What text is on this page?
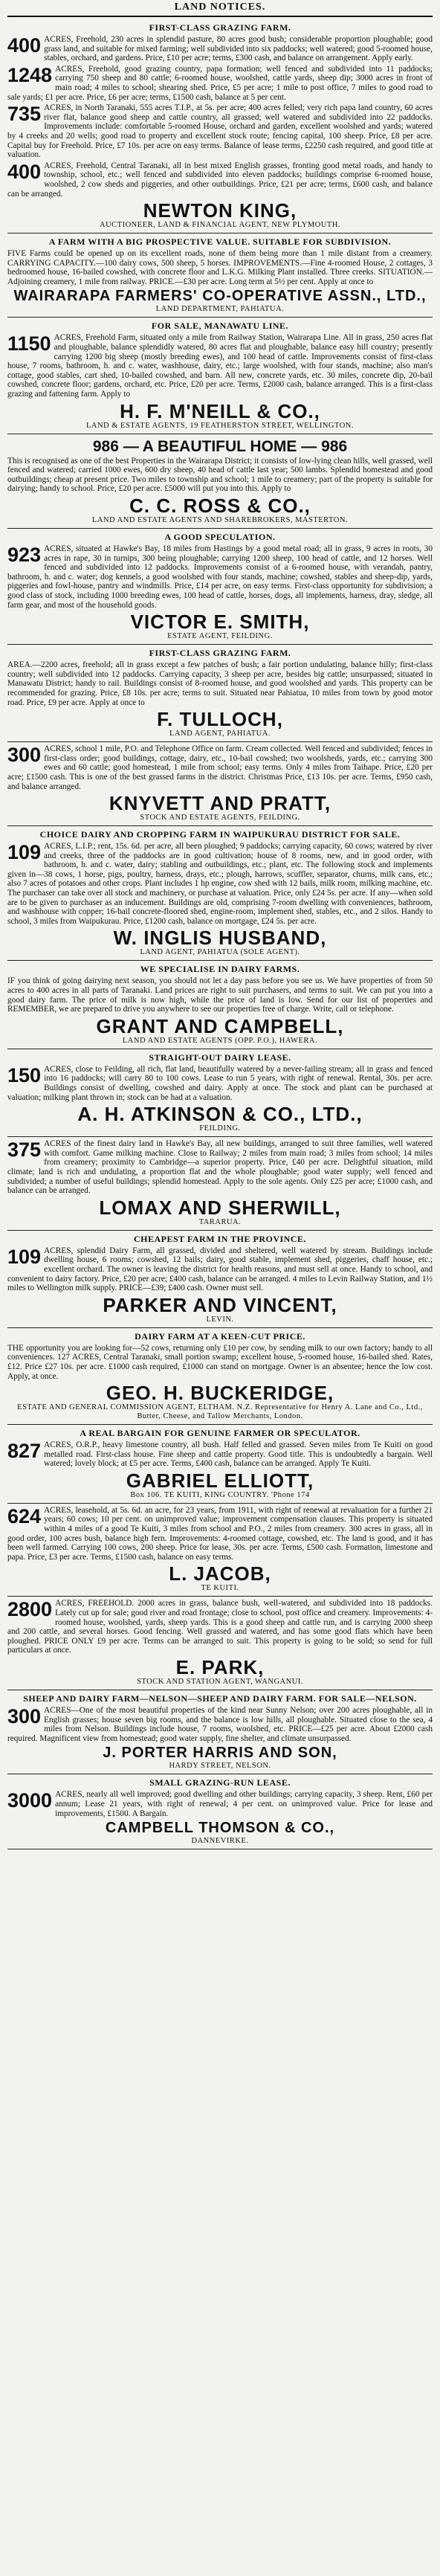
LAND NOTICES.
FIRST-CLASS GRAZING FARM.
400 ACRES, Freehold, 230 acres in splendid pasture, 80 acres good bush; considerable proportion ploughable; good grass land, and suitable for mixed farming; well subdivided into six paddocks; well watered; good 5-roomed house, stables, orchard, and gardens. Price, £10 per acre; terms, £300 cash, and balance on arrangement. Apply early.
1248 ACRES, Freehold, good grazing country, papa formation; well fenced and subdivided into 11 paddocks; carrying 750 sheep and 80 cattle; 6-roomed house, woolshed, cattle yards, sheep dip; 3000 acres in front of main road; 4 miles to school; shearing shed. Price, £5 per acre; 1 mile to post office, 7 miles to good road to sale yards; £1 per acre. Price, £6 per acre; terms, £1500 cash, balance at 5 per cent.
735 ACRES, in North Taranaki, 555 acres T.I.P., at 5s. per acre; 400 acres felled; very rich papa land country, 60 acres river flat, balance good sheep and cattle country, all grassed; well watered and subdivided into 22 paddocks. Improvements include: comfortable 5-roomed House, orchard and garden, excellent woolshed and yards; watered by 4 creeks and 20 wells; good road to property and excellent stock route; fencing capital, 100 sheep. Price, £8 per acre. Capital buy for Freehold. Price, £7 10s. per acre on easy terms. Balance of lease terms, £2250 cash required, and good title at valuation.
400 ACRES, Freehold, Central Taranaki, all in best mixed English grasses, fronting good metal roads, and handy to township, school, etc.; well fenced and subdivided into eleven paddocks; buildings comprise 6-roomed house, woolshed, 2 cow sheds and piggeries, and other outbuildings. Price, £21 per acre; terms, £600 cash, and balance can be arranged.
NEWTON KING,
AUCTIONEER, LAND & FINANCIAL AGENT, NEW PLYMOUTH.
A FARM WITH A BIG PROSPECTIVE VALUE. SUITABLE FOR SUBDIVISION.
FIVE Farms could be opened up on its excellent roads, none of them being more than 1 mile distant from a creamery. CARRYING CAPACITY.—100 dairy cows, 500 sheep, 5 horses. IMPROVEMENTS.—Fine 4-roomed House, 2 cottages, 3 bedroomed house, 16-bailed cowshed, with concrete floor and L.K.G. Milking Plant installed. Three creeks. SITUATION.—Adjoining creamery, 1 mile from railway. PRICE.—£30 per acre. Long term at 5½ per cent. Apply at once to
WAIRARAPA FARMERS' CO-OPERATIVE ASSN., LTD.,
LAND DEPARTMENT, PAHIATUA.
FOR SALE, MANAWATU LINE.
1150 ACRES, Freehold Farm, situated only a mile from Railway Station, Wairarapa Line. All in grass, 250 acres flat and ploughable, balance splendidly watered, 80 acres flat and ploughable, balance easy hill country; presently carrying 1200 big sheep (mostly breeding ewes), and 100 head of cattle. Improvements consist of first-class house, 7 rooms, bathroom, h. and c. water, washhouse, dairy, etc.; large woolshed, with four stands, machine; also man's cottage, good stables, cart shed, 10-bailed cowshed, and barn. All new, concrete yards, etc. 30 miles, concrete dip, 20-bail cowshed, concrete floor; gardens, orchard, etc. Price, £20 per acre. Terms, £2000 cash, balance arranged. This is a first-class grazing and fattening farm. Apply to
H. F. M'NEILL & CO.,
LAND & ESTATE AGENTS, 19 FEATHERSTON STREET, WELLINGTON.
986 — A BEAUTIFUL HOME — 986
This is recognised as one of the best Properties in the Wairarapa District; it consists of low-lying clean hills, well grassed, well fenced and watered; carried 1000 ewes, 600 dry sheep, 40 head of cattle last year; 500 lambs. Splendid homestead and good outbuildings; cheap at present price. Two miles to township and school; 1 mile to creamery; part of the property is suitable for dairying; handy to school. Price, £20 per acre. £5000 will put you into this. Apply to
C. C. ROSS & CO.,
LAND AND ESTATE AGENTS AND SHAREBROKERS, MASTERTON.
A GOOD SPECULATION.
923 ACRES, situated at Hawke's Bay, 18 miles from Hastings by a good metal road; all in grass, 9 acres in roots, 30 acres in rape, 30 in turnips, 300 being ploughable; carrying 1200 sheep, 100 head of cattle, and 12 horses. Well fenced and subdivided into 12 paddocks. Improvements consist of a 6-roomed house, with verandah, pantry, bathroom, h. and c. water; dog kennels, a good woolshed with four stands, machine; cowshed, stables and sheep-dip, yards, piggeries and fowl-house, pantry and windmills. Price, £14 per acre, on easy terms. First-class opportunity for subdivision; a good class of stock, including 1000 breeding ewes, 100 head of cattle, horses, dogs, all implements, harness, dray, sledge, all farm gear, and most of the household goods.
VICTOR E. SMITH,
ESTATE AGENT, FEILDING.
FIRST-CLASS GRAZING FARM.
AREA.—2200 acres, freehold; all in grass except a few patches of bush; a fair portion undulating, balance hilly; first-class country; well subdivided into 12 paddocks. Carrying capacity, 3 sheep per acre, besides big cattle; unsurpassed; situated in Manawatu District; handy to rail. Buildings consist of 8-roomed house, and good woolshed and yards. This property can be recommended for grazing. Price, £8 10s. per acre; terms to suit. Situated near Pahiatua, 10 miles from town by good motor road. Price, £9 per acre. Apply at once to
F. TULLOCH,
LAND AGENT, PAHIATUA.
300 ACRES, school 1 mile, P.O. and Telephone Office on farm. Cream collected. Well fenced and subdivided; fences in first-class order; good buildings, cottage, dairy, etc., 10-bail cowshed; two woolsheds, yards, etc.; carrying 300 ewes and 60 cattle; good homestead, 1 mile from school; easy terms. Only 4 miles from Taihape. Price, £20 per acre; £1500 cash. This is one of the best grassed farms in the district. Christmas Price, £13 10s. per acre. Terms, £950 cash, and balance arranged.
KNYVETT AND PRATT,
STOCK AND ESTATE AGENTS, FEILDING.
CHOICE DAIRY AND CROPPING FARM IN WAIPUKURAU DISTRICT FOR SALE.
109 ACRES, L.I.P.; rent, 15s. 6d. per acre, all been ploughed; 9 paddocks; carrying capacity, 60 cows; watered by river and creeks, three of the paddocks are in good cultivation; house of 8 rooms, new, and in good order, with bathroom, h. and c. water, dairy; stabling and outbuildings, etc.; plant, etc. The following stock and implements given in—38 cows, 1 horse, pigs, poultry, harness, drays, etc.; plough, harrows, scuffler, separator, churns, milk cans, etc.; also 7 acres of potatoes and other crops. Plant includes 1 hp engine, cow shed with 12 bails, milk room, milking machine, etc. The purchaser can take over all stock and machinery, or purchase at valuation. Price, only £24 5s. per acre. If any—when sold are to be given to purchaser as an inducement. Buildings are old, comprising 7-room dwelling with conveniences, bathroom, and washhouse with copper; 16-bail concrete-floored shed, engine-room, implement shed, stables, etc., and 2 silos. Handy to school, 3 miles from Waipukurau. Price, £1200 cash, balance on mortgage, £24 5s. per acre.
W. INGLIS HUSBAND,
LAND AGENT, PAHIATUA (SOLE AGENT).
WE SPECIALISE IN DAIRY FARMS.
IF you think of going dairying next season, you should not let a day pass before you see us. We have properties of from 50 acres to 400 acres in all parts of Taranaki. Land prices are right to suit purchasers, and terms to suit. We can put you into a good dairy farm. The price of milk is now high, while the price of land is low. Send for our list of properties and REMEMBER, we are prepared to drive you anywhere to see our properties free of charge. Write, call or telephone.
GRANT AND CAMPBELL,
LAND AND ESTATE AGENTS (OPP. P.O.), HAWERA.
STRAIGHT-OUT DAIRY LEASE.
150 ACRES, close to Feilding, all rich, flat land, beautifully watered by a never-failing stream; all in grass and fenced into 16 paddocks; will carry 80 to 100 cows. Lease to run 5 years, with right of renewal. Rental, 30s. per acre. Buildings consist of dwelling, cowshed and dairy. Apply at once. The stock and plant can be purchased at valuation; milking plant thrown in; stock can be had at a valuation.
A. H. ATKINSON & CO., LTD.,
FEILDING.
375 ACRES of the finest dairy land in Hawke's Bay, all new buildings, arranged to suit three families, well watered with comfort. Game milking machine. Close to Railway; 2 miles from main road; 3 miles from school; 14 miles from creamery; proximity to Cambridge—a superior property. Price, £40 per acre. Delightful situation, mild climate; land is rich and undulating, a proportion flat and the whole ploughable; good water supply; well fenced and subdivided; a number of useful buildings; splendid homestead. Apply to the sole agents. Only £25 per acre; £1000 cash, and balance can be arranged.
LOMAX AND SHERWILL,
TARARUA.
CHEAPEST FARM IN THE PROVINCE.
109 ACRES, splendid Dairy Farm, all grassed, divided and sheltered, well watered by stream. Buildings include dwelling house, 6 rooms; cowshed, 12 bails; dairy, good stable, implement shed, piggeries, chaff house, etc.; excellent orchard. The owner is leaving the district for health reasons, and must sell at once. Handy to school, and convenient to dairy factory. Price, £20 per acre; £400 cash, balance can be arranged. 4 miles to Levin Railway Station, and 1½ miles to Wellington milk supply. PRICE—£39; £400 cash. Owner must sell.
PARKER AND VINCENT,
LEVIN.
DAIRY FARM AT A KEEN-CUT PRICE.
THE opportunity you are looking for—52 cows, returning only £10 per cow, by sending milk to our own factory; handy to all conveniences. 127 ACRES, Central Taranaki, small portion swamp; excellent house, 5-roomed house, 16-bailed shed. Rates, £12. Price £27 10s. per acre. £1000 cash required, £1000 can stand on mortgage. Owner is an absentee; hence the low cost. Apply, at once.
GEO. H. BUCKERIDGE,
ESTATE AND GENERAL COMMISSION AGENT, ELTHAM. N.Z. Representative for Henry A. Lane and Co., Ltd., Butter, Cheese, and Tallow Merchants, London.
A REAL BARGAIN FOR GENUINE FARMER OR SPECULATOR.
827 ACRES, O.R.P., heavy limestone country, all bush. Half felled and grassed. Seven miles from Te Kuiti on good metalled road. First-class house. Fine sheep and cattle property. Good title. This is undoubtedly a bargain. Well watered; lovely block; at £5 per acre. Terms, £400 cash, balance can be arranged. Apply Te Kuiti.
GABRIEL ELLIOTT,
Box 106. TE KUITI, KING COUNTRY. 'Phone 174
624 ACRES, leasehold, at 5s. 6d. an acre, for 23 years, from 1911, with right of renewal at revaluation for a further 21 years; 60 cows; 10 per cent. on unimproved value; improvement compensation clauses. This property is situated within 4 miles of a good Te Kuiti, 3 miles from school and P.O., 2 miles from creamery. 300 acres in grass, all in good order, 100 acres bush, balance high fern. Improvements: 4-roomed cottage, cowshed, etc. The land is good, and it has been well farmed. Carrying 100 cows, 200 sheep. Price for lease, 30s. per acre. Terms, £500 cash. Formation, limestone and papa. Price, £3 per acre. Terms, £1500 cash, balance on easy terms.
L. JACOB,
TE KUITI.
2800 ACRES, FREEHOLD. 2000 acres in grass, balance bush, well-watered, and subdivided into 18 paddocks. Lately cut up for sale; good river and road frontage; close to school, post office and creamery. Improvements: 4-roomed house, woolshed, yards, sheep yards. This is a good sheep and cattle run, and is carrying 2000 sheep and 200 cattle, and several horses. Good fencing. Well grassed and watered, and has some good flats which have been ploughed. PRICE ONLY £9 per acre. Terms can be arranged to suit. This property is going to be sold; so send for full particulars at once.
E. PARK,
STOCK AND STATION AGENT, WANGANUI.
SHEEP AND DAIRY FARM—NELSON—SHEEP AND DAIRY FARM. FOR SALE—NELSON.
300 ACRES—One of the most beautiful properties of the kind near Sunny Nelson; over 200 acres ploughable, all in English grasses; house seven big rooms, and the balance is low hills, all ploughable. Situated close to the sea, 4 miles from Nelson. Buildings include house, 7 rooms, woolshed, etc. PRICE—£25 per acre. About £2000 cash required. Magnificent view from homestead; good water supply, fine shelter, and climate unsurpassed.
J. PORTER HARRIS AND SON,
HARDY STREET, NELSON.
SMALL GRAZING-RUN LEASE.
3000 ACRES, nearly all well improved; good dwelling and other buildings; carrying capacity, 3 sheep. Rent, £60 per annum; Lease 21 years, with right of renewal; 4 per cent. on unimproved value. Price for lease and improvements, £1500. A Bargain.
CAMPBELL THOMSON & CO.,
DANNEVIRKE.
